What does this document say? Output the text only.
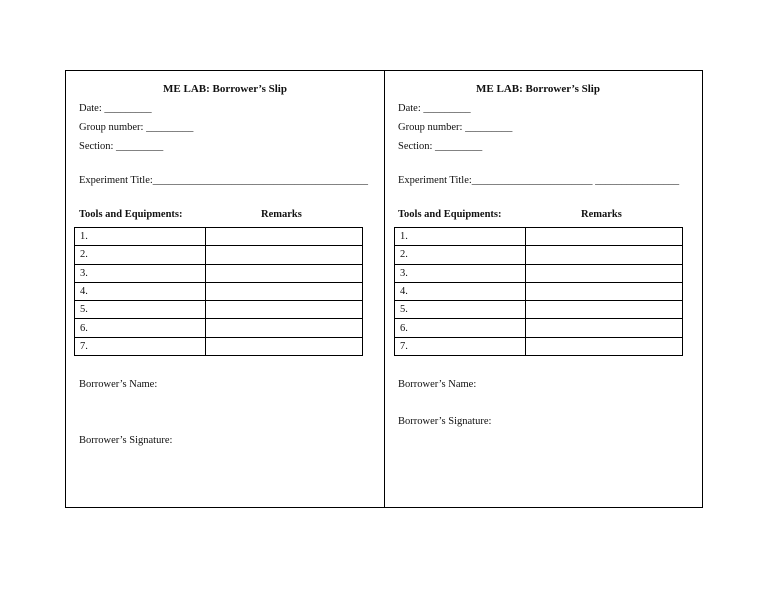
ME LAB: Borrower’s Slip
Date: _________
Group number: _________
Section: _________
Experiment Title:_________________________________________
Tools and Equipments:	Remarks
1.	
2.	
3.	
4.	
5.	
6.	
7.	
Borrower’s Name:
Borrower’s Signature:
ME LAB: Borrower’s Slip
Date: _________
Group number: _________
Section: _________
Experiment Title:_______________________ ________________
Tools and Equipments:	Remarks
1.	
2.	
3.	
4.	
5.	
6.	
7.	
Borrower’s Name:
Borrower’s Signature:
